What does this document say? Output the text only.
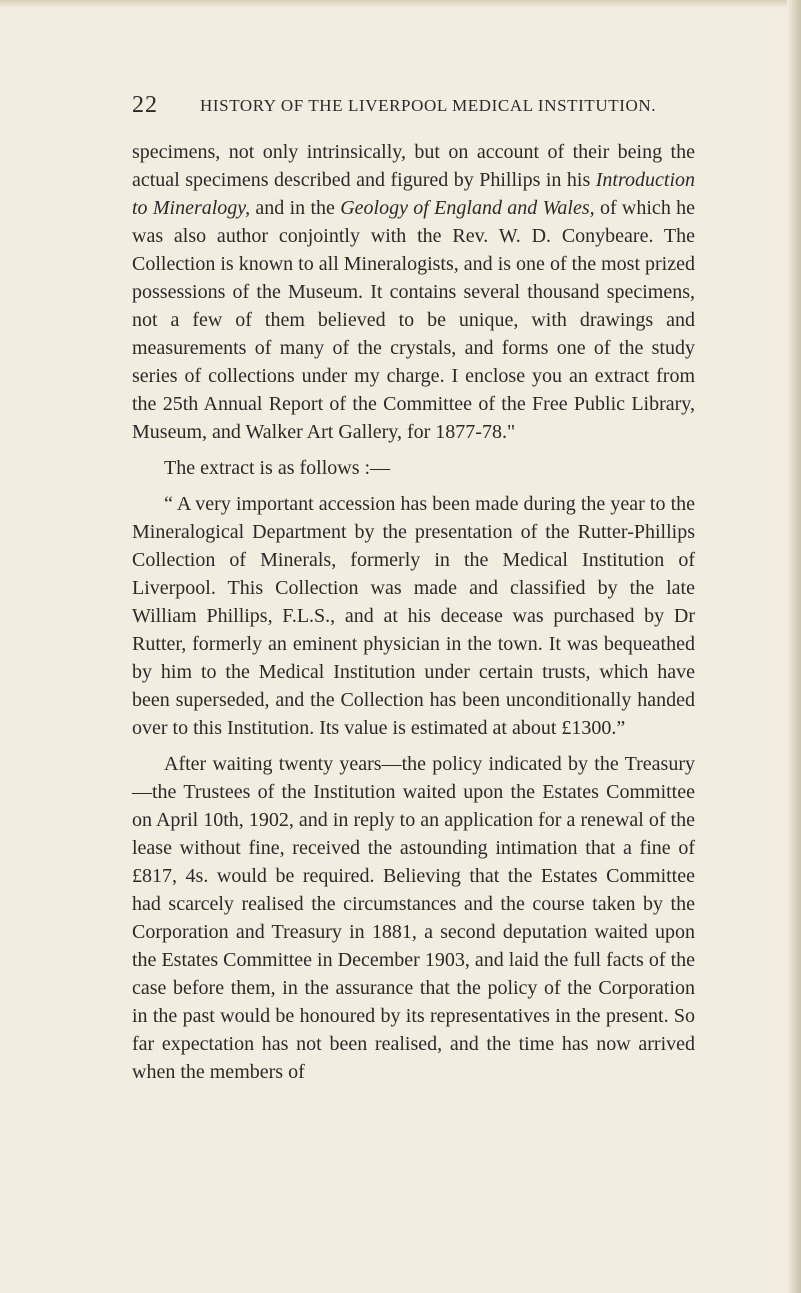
22 HISTORY OF THE LIVERPOOL MEDICAL INSTITUTION.

specimens, not only intrinsically, but on account of their being the actual specimens described and figured by Phillips in his Introduction to Mineralogy, and in the Geology of England and Wales, of which he was also author conjointly with the Rev. W. D. Conybeare. The Collection is known to all Mineralogists, and is one of the most prized possessions of the Museum. It contains several thousand specimens, not a few of them believed to be unique, with drawings and measurements of many of the crystals, and forms one of the study series of collections under my charge. I enclose you an extract from the 25th Annual Report of the Committee of the Free Public Library, Museum, and Walker Art Gallery, for 1877-78."

The extract is as follows :—

“ A very important accession has been made during the year to the Mineralogical Department by the presentation of the Rutter-Phillips Collection of Minerals, formerly in the Medical Institution of Liverpool. This Collection was made and classified by the late William Phillips, F.L.S., and at his decease was purchased by Dr Rutter, formerly an eminent physician in the town. It was bequeathed by him to the Medical Institution under certain trusts, which have been superseded, and the Collection has been unconditionally handed over to this Institution. Its value is estimated at about £1300.”

After waiting twenty years—the policy indicated by the Treasury—the Trustees of the Institution waited upon the Estates Committee on April 10th, 1902, and in reply to an application for a renewal of the lease without fine, received the astounding intimation that a fine of £817, 4s. would be required. Believing that the Estates Committee had scarcely realised the circumstances and the course taken by the Corporation and Treasury in 1881, a second deputation waited upon the Estates Committee in December 1903, and laid the full facts of the case before them, in the assurance that the policy of the Corporation in the past would be honoured by its representatives in the present. So far expectation has not been realised, and the time has now arrived when the members of
